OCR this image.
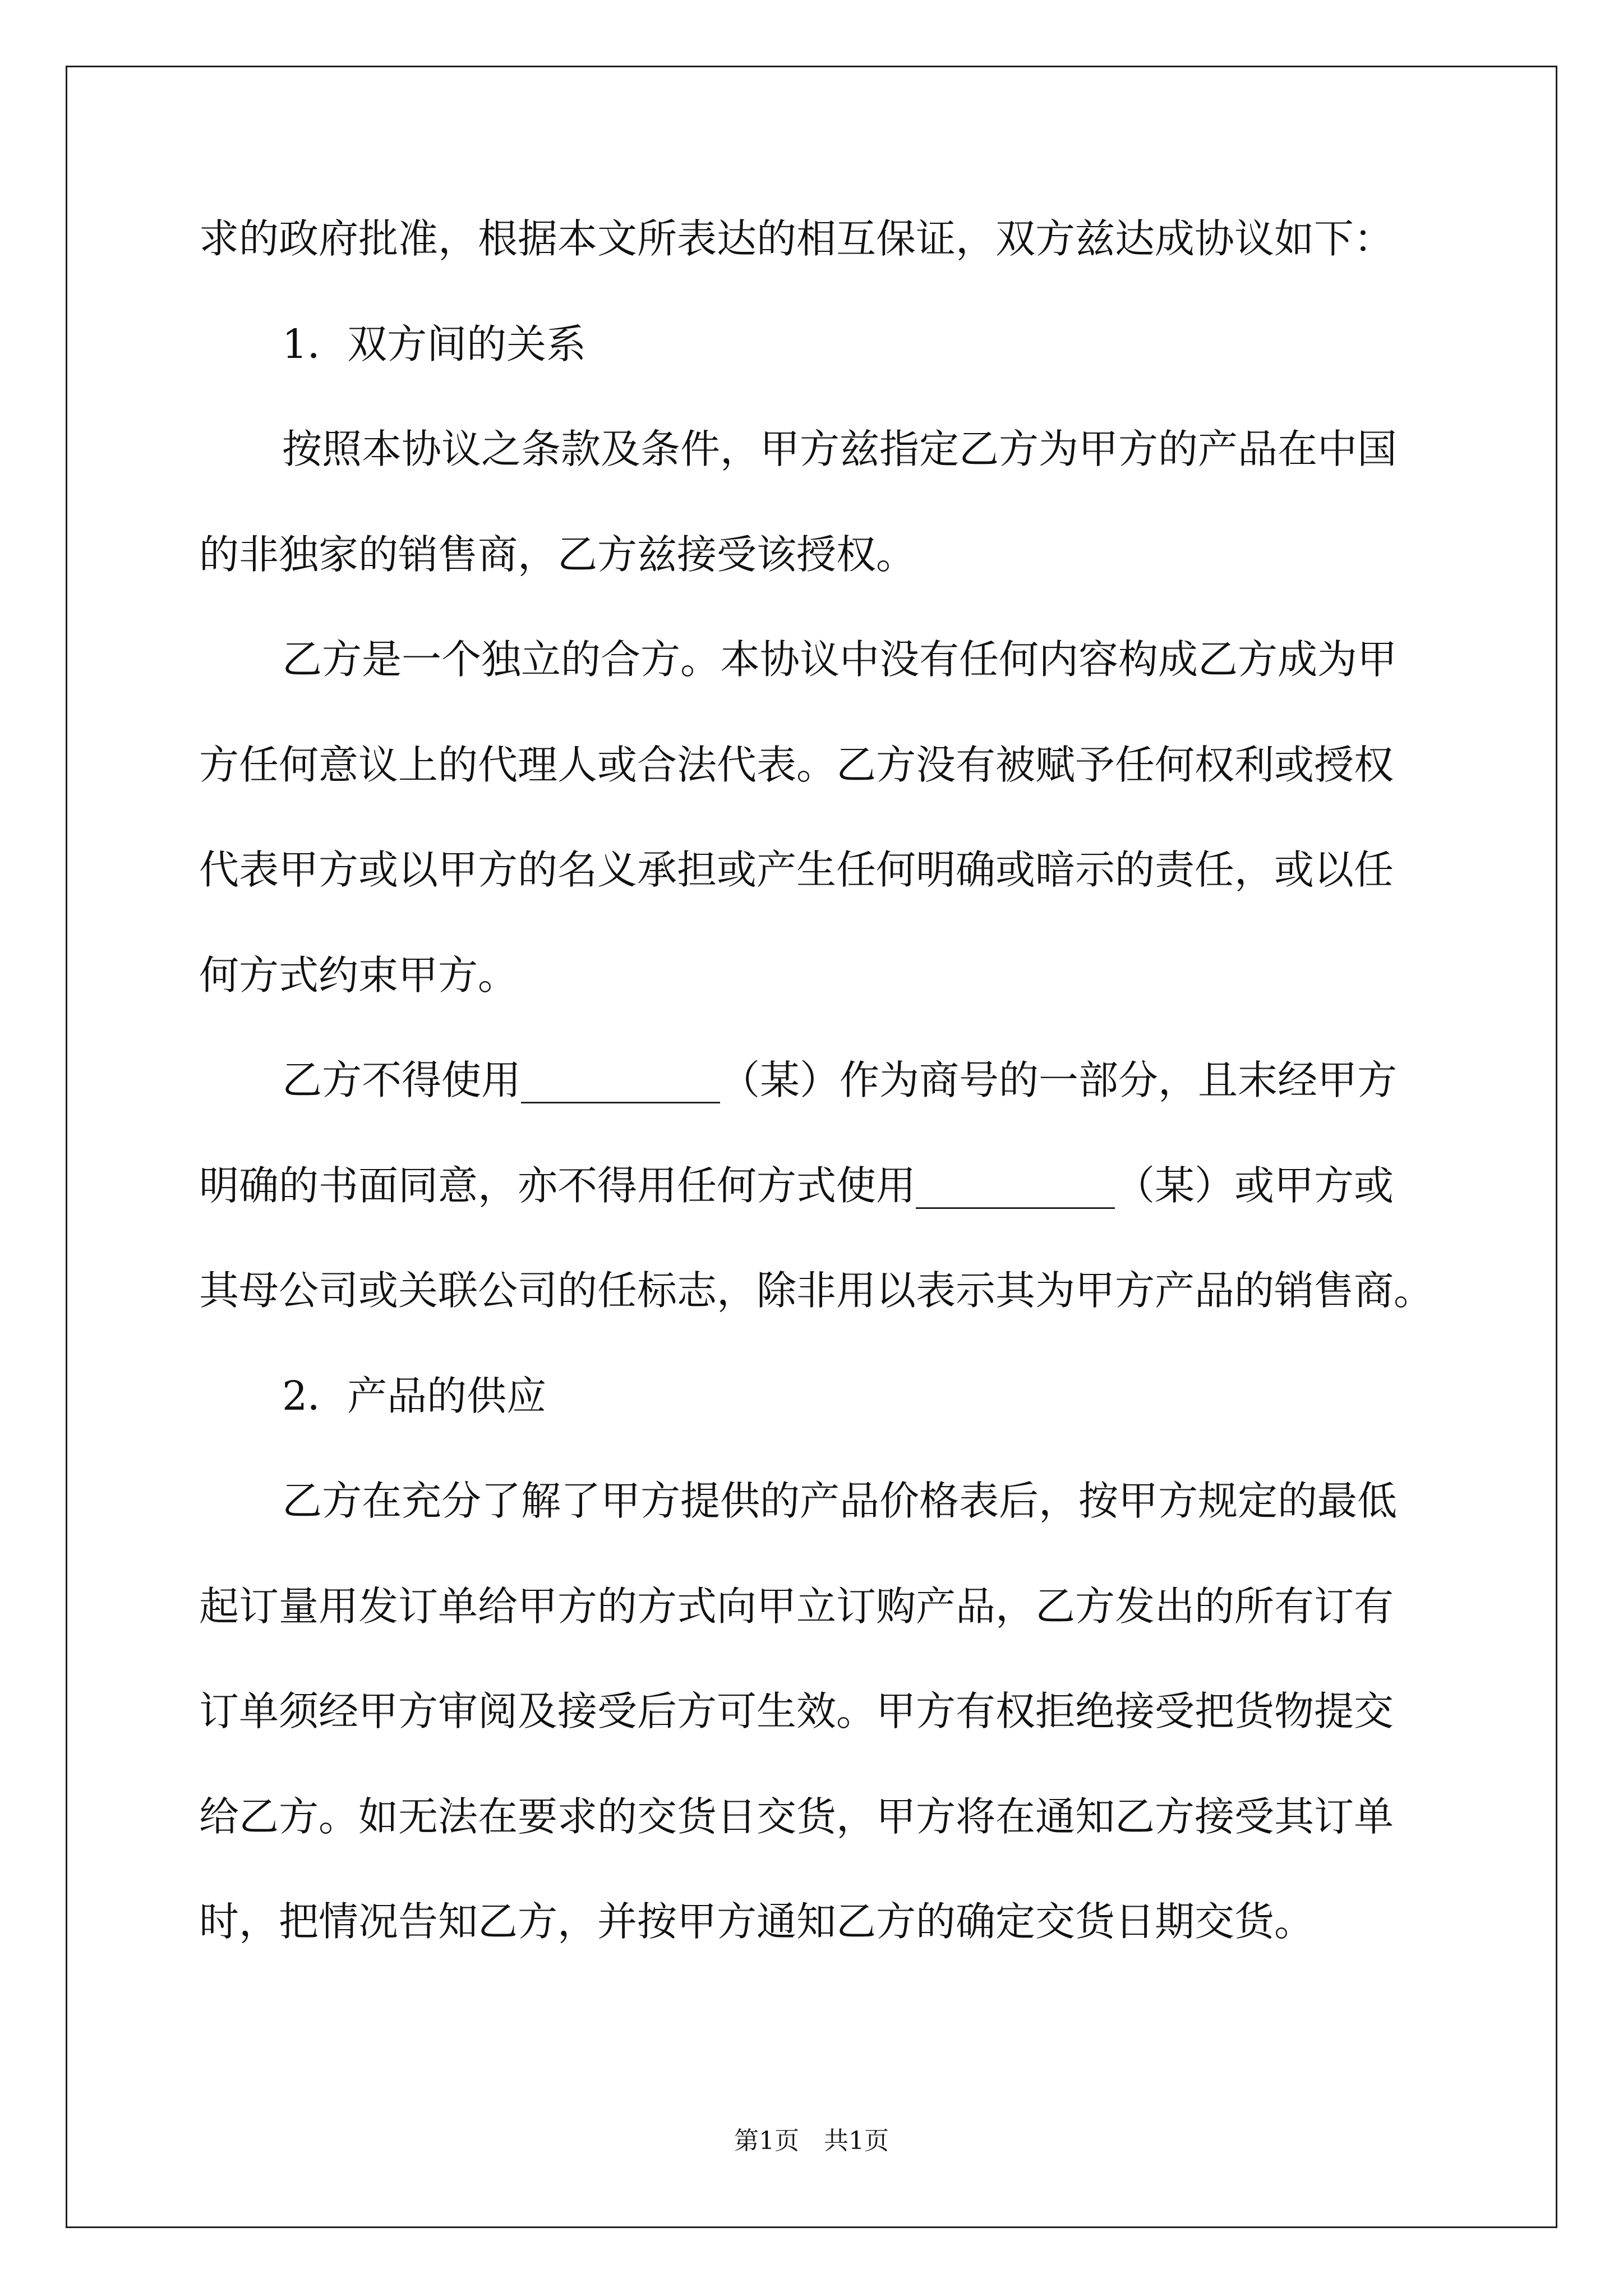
求的政府批准，根据本文所表达的相互保证，双方兹达成协议如下：
1．双方间的关系
按照本协议之条款及条件，甲方兹指定乙方为甲方的产品在中国
的非独家的销售商，乙方兹接受该授权。
乙方是一个独立的合方。本协议中没有任何内容构成乙方成为甲
方任何意议上的代理人或合法代表。乙方没有被赋予任何权利或授权
代表甲方或以甲方的名义承担或产生任何明确或暗示的责任，或以任
何方式约束甲方。
乙方不得使用__________（某）作为商号的一部分，且末经甲方
明确的书面同意，亦不得用任何方式使用__________（某）或甲方或
其母公司或关联公司的任标志，除非用以表示其为甲方产品的销售商。
2．产品的供应
乙方在充分了解了甲方提供的产品价格表后，按甲方规定的最低
起订量用发订单给甲方的方式向甲立订购产品，乙方发出的所有订有
订单须经甲方审阅及接受后方可生效。甲方有权拒绝接受把货物提交
给乙方。如无法在要求的交货日交货，甲方将在通知乙方接受其订单
时，把情况告知乙方，并按甲方通知乙方的确定交货日期交货。
第1页　共1页
